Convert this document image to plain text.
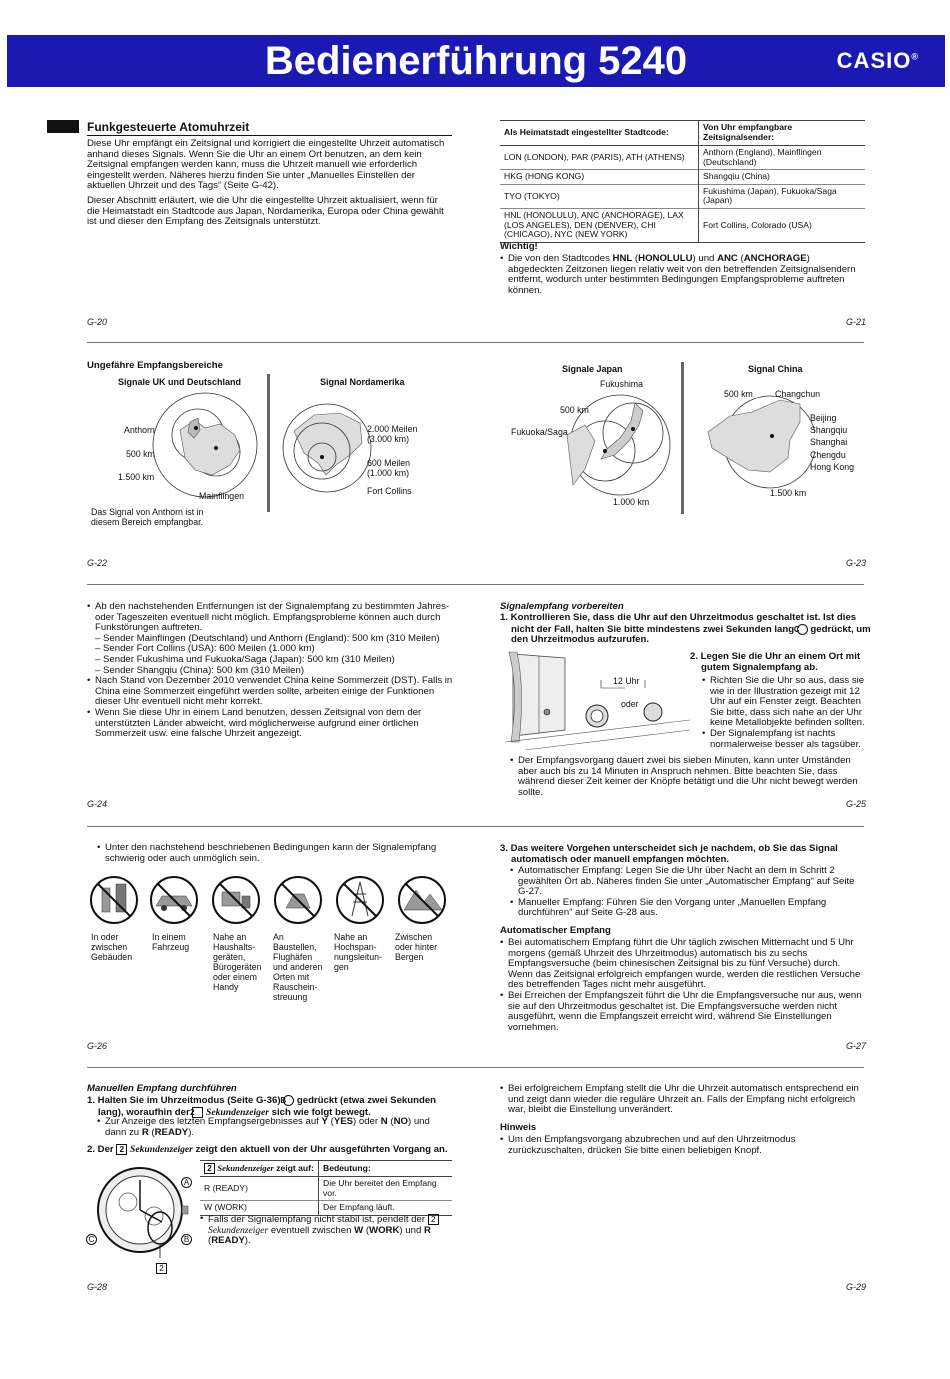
Bedienerführung 5240	CASIO®
Funkgesteuerte Atomuhrzeit

Diese Uhr empfängt ein Zeitsignal und korrigiert die eingestellte Uhrzeit automatisch anhand dieses Signals. Wenn Sie die Uhr an einem Ort benutzen, an dem kein Zeitsignal empfangen werden kann, muss die Uhrzeit manuell wie erforderlich eingestellt werden. Näheres hierzu finden Sie unter „Manuelles Einstellen der aktuellen Uhrzeit und des Tags“ (Seite G-42).

Dieser Abschnitt erläutert, wie die Uhr die eingestellte Uhrzeit aktualisiert, wenn für die Heimatstadt ein Stadtcode aus Japan, Nordamerika, Europa oder China gewählt ist und dieser den Empfang des Zeitsignals unterstützt.

Als Heimatstadt eingestellter Stadtcode:	Von Uhr empfangbare Zeitsignalsender:
LON (LONDON), PAR (PARIS), ATH (ATHENS)	Anthorn (England), Mainflingen (Deutschland)
HKG (HONG KONG)	Shangqiu (China)
TYO (TOKYO)	Fukushima (Japan), Fukuoka/Saga (Japan)
HNL (HONOLULU), ANC (ANCHORAGE), LAX (LOS ANGELES), DEN (DENVER), CHI (CHICAGO), NYC (NEW YORK)	Fort Collins, Colorado (USA)
Wichtig!
• Die von den Stadtcodes HNL (HONOLULU) und ANC (ANCHORAGE) abgedeckten Zeitzonen liegen relativ weit von den betreffenden Zeitsignalsendern entfernt, wodurch unter bestimmten Bedingungen Empfangsprobleme auftreten können.
G-20	G-21
Ungefähre Empfangsbereiche
Signale UK und Deutschland	Signal Nordamerika
Anthorn
500 km
1.500 km
Mainflingen
Das Signal von Anthorn ist in diesem Bereich empfangbar.
2.000 Meilen
(3.000 km)
600 Meilen
(1.000 km)
Fort Collins
Signale Japan	Signal China
Fukushima
500 km
Fukuoka/Saga
1.000 km
500 km	Changchun
Beijing
Shangqiu
Shanghai
Chengdu
Hong Kong
1.500 km
G-22	G-23
• Ab den nachstehenden Entfernungen ist der Signalempfang zu bestimmten Jahres- oder Tageszeiten eventuell nicht möglich. Empfangsprobleme können auch durch Funkstörungen auftreten.
– Sender Mainflingen (Deutschland) und Anthorn (England): 500 km (310 Meilen)
– Sender Fort Collins (USA): 600 Meilen (1.000 km)
– Sender Fukushima und Fukuoka/Saga (Japan): 500 km (310 Meilen)
– Sender Shangqiu (China): 500 km (310 Meilen)
• Nach Stand von Dezember 2010 verwendet China keine Sommerzeit (DST). Falls in China eine Sommerzeit eingeführt werden sollte, arbeiten einige der Funktionen dieser Uhr eventuell nicht mehr korrekt.
• Wenn Sie diese Uhr in einem Land benutzen, dessen Zeitsignal von dem der unterstützten Länder abweicht, wird möglicherweise aufgrund einer örtlichen Sommerzeit usw. eine falsche Uhrzeit angezeigt.
Signalempfang vorbereiten
1. Kontrollieren Sie, dass die Uhr auf den Uhrzeitmodus geschaltet ist. Ist dies nicht der Fall, halten Sie bitte mindestens zwei Sekunden lang C gedrückt, um den Uhrzeitmodus aufzurufen.
12 Uhr
oder
2. Legen Sie die Uhr an einem Ort mit gutem Signalempfang ab.
• Richten Sie die Uhr so aus, dass sie wie in der Illustration gezeigt mit 12 Uhr auf ein Fenster zeigt. Beachten Sie bitte, dass sich nahe an der Uhr keine Metallobjekte befinden sollten.
• Der Signalempfang ist nachts normalerweise besser als tagsüber.
• Der Empfangsvorgang dauert zwei bis sieben Minuten, kann unter Umständen aber auch bis zu 14 Minuten in Anspruch nehmen. Bitte beachten Sie, dass während dieser Zeit keiner der Knöpfe betätigt und die Uhr nicht bewegt werden sollte.
G-24	G-25
• Unter den nachstehend beschriebenen Bedingungen kann der Signalempfang schwierig oder auch unmöglich sein.
In oder zwischen Gebäuden
In einem Fahrzeug
Nahe an Haushalts-geräten, Bürogeräten oder einem Handy
An Baustellen, Flughäfen und anderen Orten mit Rauschein-streuung
Nahe an Hochspan-nungsleitun-gen
Zwischen oder hinter Bergen
3. Das weitere Vorgehen unterscheidet sich je nachdem, ob Sie das Signal automatisch oder manuell empfangen möchten.
• Automatischer Empfang: Legen Sie die Uhr über Nacht an dem in Schritt 2 gewählten Ort ab. Näheres finden Sie unter „Automatischer Empfang“ auf Seite G-27.
• Manueller Empfang: Führen Sie den Vorgang unter „Manuellen Empfang durchführen“ auf Seite G-28 aus.
Automatischer Empfang
• Bei automatischem Empfang führt die Uhr täglich zwischen Mitternacht und 5 Uhr morgens (gemäß Uhrzeit des Uhrzeitmodus) automatisch bis zu sechs Empfangsversuche (beim chinesischen Zeitsignal bis zu fünf Versuche) durch. Wenn das Zeitsignal erfolgreich empfangen wurde, werden die restlichen Versuche des betreffenden Tages nicht mehr ausgeführt.
• Bei Erreichen der Empfangszeit führt die Uhr die Empfangsversuche nur aus, wenn sie auf den Uhrzeitmodus geschaltet ist. Die Empfangsversuche werden nicht ausgeführt, wenn die Empfangszeit erreicht wird, während Sie Einstellungen vornehmen.
G-26	G-27
Manuellen Empfang durchführen
1. Halten Sie im Uhrzeitmodus (Seite G-36) B gedrückt (etwa zwei Sekunden lang), woraufhin der 2 Sekundenzeiger sich wie folgt bewegt.
• Zur Anzeige des letzten Empfangsergebnisses auf Y (YES) oder N (NO) und dann zu R (READY).
2. Der 2 Sekundenzeiger zeigt den aktuell von der Uhr ausgeführten Vorgang an.
A
B
C
2
2 Sekundenzeiger zeigt auf:	Bedeutung:
R (READY)	Die Uhr bereitet den Empfang vor.
W (WORK)	Der Empfang läuft.
• Falls der Signalempfang nicht stabil ist, pendelt der 2 Sekundenzeiger eventuell zwischen W (WORK) und R (READY).
• Bei erfolgreichem Empfang stellt die Uhr die Uhrzeit automatisch entsprechend ein und zeigt dann wieder die reguläre Uhrzeit an. Falls der Empfang nicht erfolgreich war, bleibt die Einstellung unverändert.
Hinweis
• Um den Empfangsvorgang abzubrechen und auf den Uhrzeitmodus zurückzuschalten, drücken Sie bitte einen beliebigen Knopf.
G-28	G-29
